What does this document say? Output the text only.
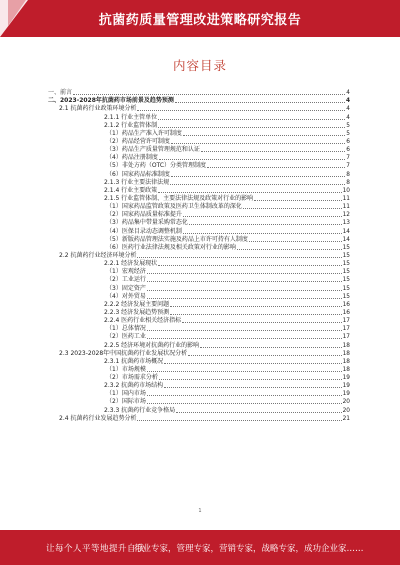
抗菌药质量管理改进策略研究报告
内容目录
一、前言	4
二、2023-2028年抗菌药市场前景及趋势预测	4
2.1 抗菌药行业政策环境分析	4
2.1.1 行业主管单位	4
2.1.2 行业监管体制	5
（1）药品生产准入许可制度	5
（2）药品经营许可制度	6
（3）药品生产质量管理规范和认证	6
（4）药品注册制度	7
（5）非处方药（OTC）分类管理制度	7
（6）国家药品标准制度	8
2.1.3 行业主要法律法规	8
2.1.4 行业主要政策	10
2.1.5 行业监管体制、主要法律法规及政策对行业的影响	11
（1）国家药品监管政策及医药卫生体制改革的深化	11
（2）国家药品质量标准提升	12
（3）药品集中带量采购常态化	13
（4）医保目录动态调整机制	14
（5）新版药品管理法实施及药品上市许可持有人制度	14
（6）医药行业法律法规及相关政策对行业的影响	15
2.2 抗菌药行业经济环境分析	15
2.2.1 经济发展现状	15
（1）宏观经济	15
（2）工业运行	15
（3）固定资产	15
（4）对外贸易	15
2.2.2 经济发展主要问题	16
2.2.3 经济发展趋势预测	16
2.2.4 医药行业相关经济指标	17
（1）总体情况	17
（2）医药工业	17
2.2.5 经济环境对抗菌药行业的影响	18
2.3 2023-2028年中国抗菌药行业发展状况分析	18
2.3.1 抗菌药市场概况	18
（1）市场规模	18
（2）市场需求分析	19
2.3.2 抗菌药市场结构	19
（1）国内市场	19
（2）国际市场	20
2.3.3 抗菌药行业竞争格局	20
2.4 抗菌药行业发展趋势分析	21
1
让每个人平等地提升自我
行业专家，管理专家，营销专家，战略专家，成功企业家……
